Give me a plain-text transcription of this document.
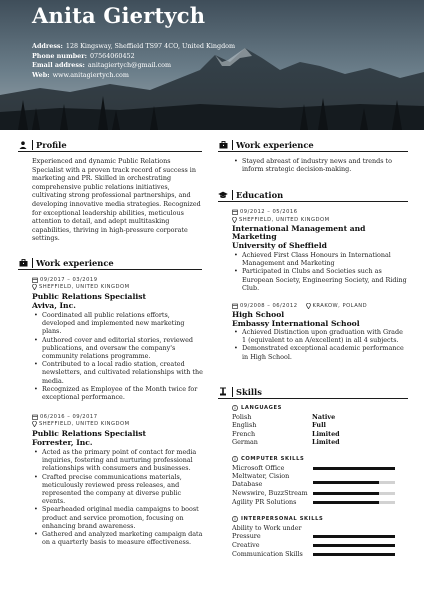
Anita Giertych
Address: 128 Kingsway, Sheffield TS97 4CO, United Kingdom
Phone number: 07564060452
Email address: anitagiertych@gmail.com
Web: www.anitagiertych.com
Profile
Experienced and dynamic Public Relations Specialist with a proven track record of success in marketing and PR. Skilled in orchestrating comprehensive public relations initiatives, cultivating strong professional partnerships, and developing innovative media strategies. Recognized for exceptional leadership abilities, meticulous attention to detail, and adept multitasking capabilities, thriving in high-pressure corporate settings.
Work experience
09/2017 – 03/2019
SHEFFIELD, UNITED KINGDOM
Public Relations Specialist
Aviva, Inc.
• Coordinated all public relations efforts, developed and implemented new marketing plans.
• Authored cover and editorial stories, reviewed publications, and oversaw the company's community relations programme.
• Contributed to a local radio station, created newsletters, and cultivated relationships with the media.
• Recognized as Employee of the Month twice for exceptional performance.
06/2016 – 09/2017
SHEFFIELD, UNITED KINGDOM
Public Relations Specialist
Forrester, Inc.
• Acted as the primary point of contact for media inquiries, fostering and nurturing professional relationships with consumers and businesses.
• Crafted precise communications materials, meticulously reviewed press releases, and represented the company at diverse public events.
• Spearheaded original media campaigns to boost product and service promotion, focusing on enhancing brand awareness.
• Gathered and analyzed marketing campaign data on a quarterly basis to measure effectiveness.
Work experience
• Stayed abreast of industry news and trends to inform strategic decision-making.
Education
09/2012 – 05/2016
SHEFFIELD, UNITED KINGDOM
International Management and Marketing
University of Sheffield
• Achieved First Class Honours in International Management and Marketing
• Participated in Clubs and Societies such as European Society, Engineering Society, and Riding Club.
09/2008 – 06/2012	KRAKOW, POLAND
High School
Embassy International School
• Achieved Distinction upon graduation with Grade 1 (equivalent to an A/excellent) in all 4 subjects.
• Demonstrated exceptional academic performance in High School.
Skills
LANGUAGES
Polish	Native
English	Full
French	Limited
German	Limited
COMPUTER SKILLS
Microsoft Office
Meltwater, Cision Database
Newswire, BuzzStream
Agility PR Solutions
INTERPERSONAL SKILLS
Ability to Work under Pressure
Creative
Communication Skills
